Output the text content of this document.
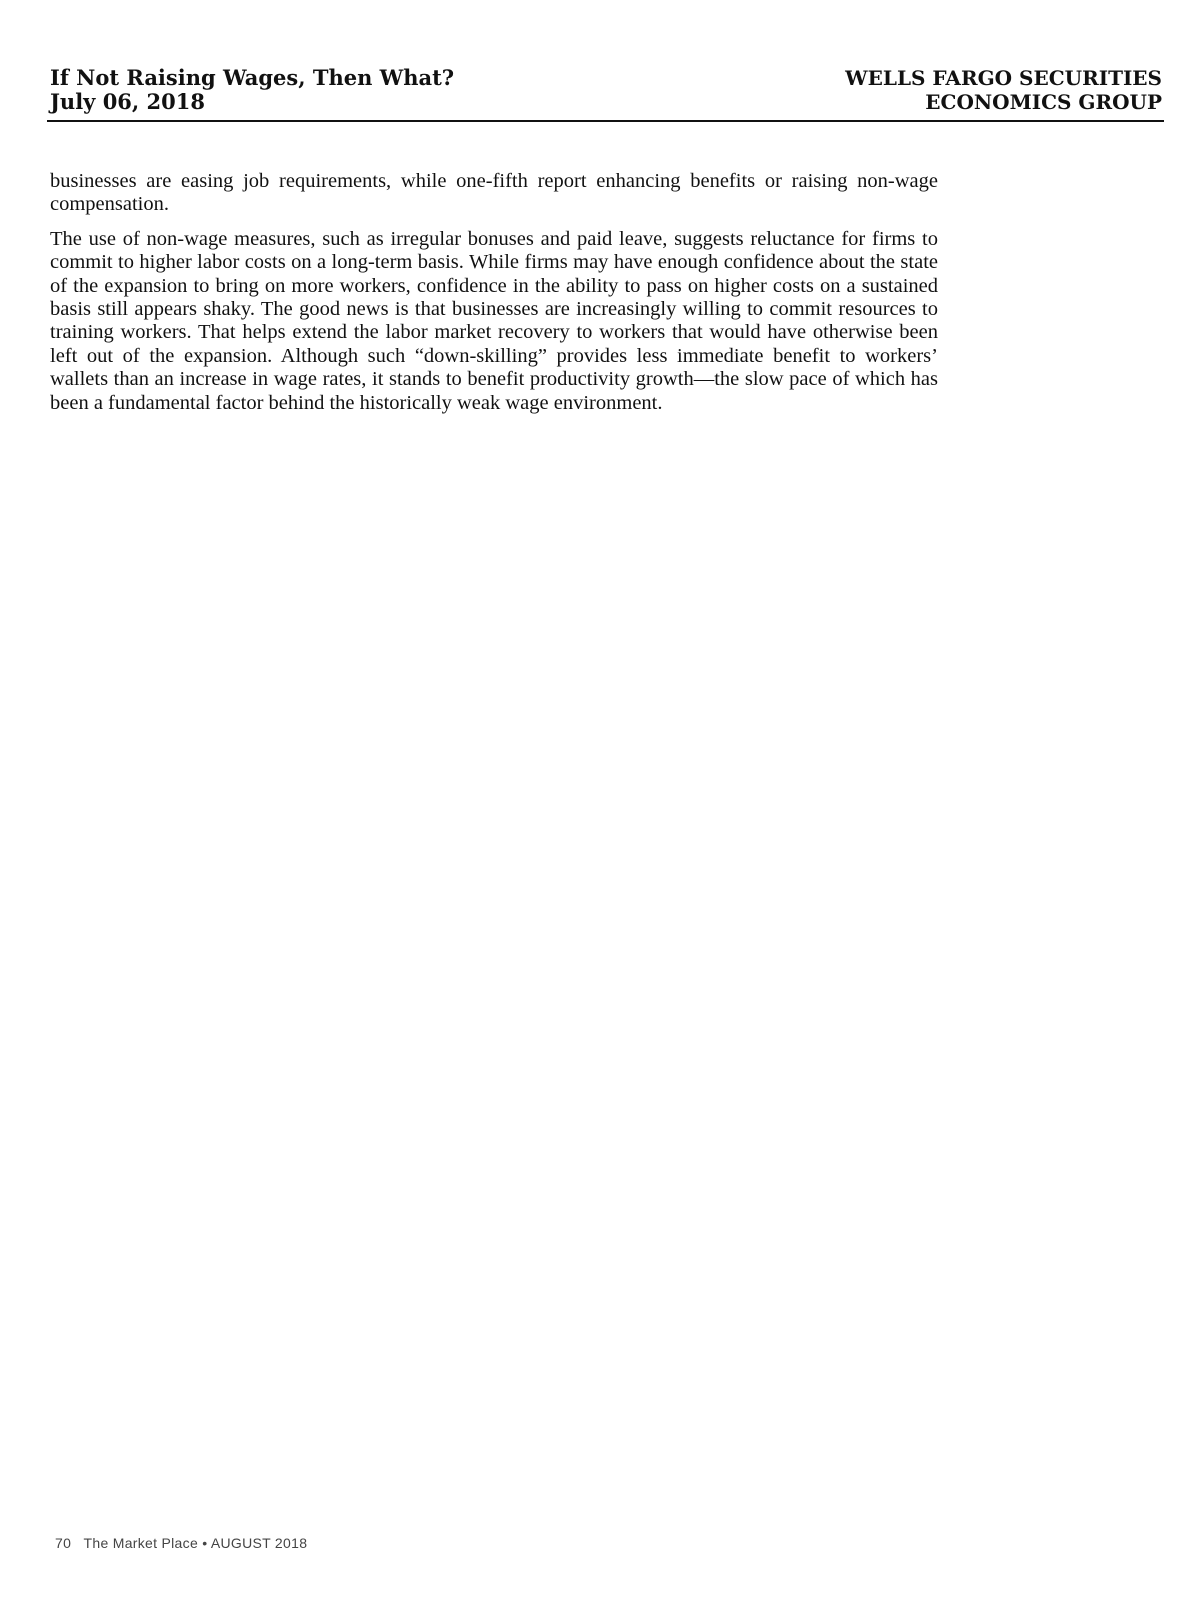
If Not Raising Wages, Then What?
July 06, 2018
WELLS FARGO SECURITIES
ECONOMICS GROUP

businesses are easing job requirements, while one-fifth report enhancing benefits or raising non-wage compensation.

The use of non-wage measures, such as irregular bonuses and paid leave, suggests reluctance for firms to commit to higher labor costs on a long-term basis. While firms may have enough confidence about the state of the expansion to bring on more workers, confidence in the ability to pass on higher costs on a sustained basis still appears shaky. The good news is that businesses are increasingly willing to commit resources to training workers. That helps extend the labor market recovery to workers that would have otherwise been left out of the expansion. Although such “down-skilling” provides less immediate benefit to workers’ wallets than an increase in wage rates, it stands to benefit productivity growth—the slow pace of which has been a fundamental factor behind the historically weak wage environment.

70 The Market Place • AUGUST 2018
